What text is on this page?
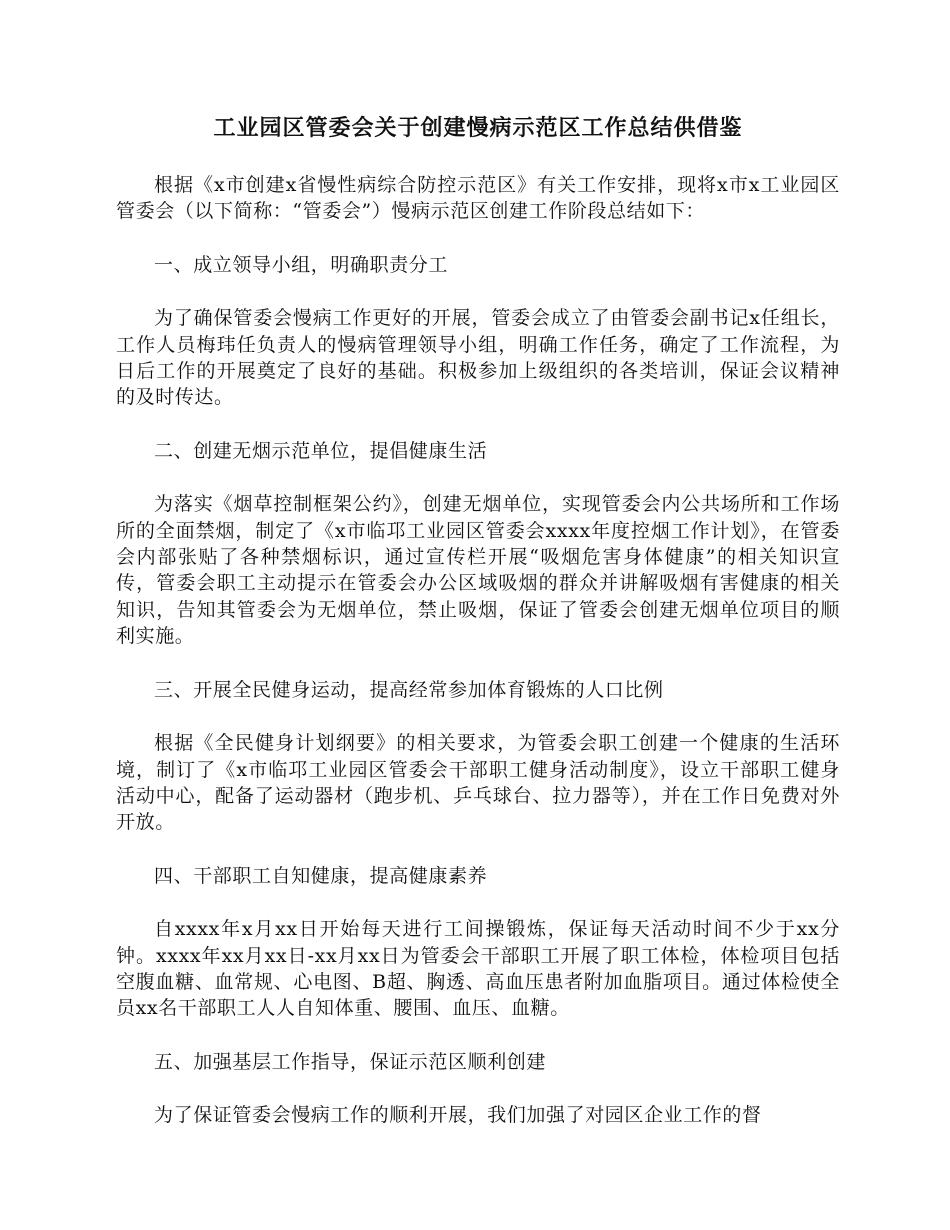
工业园区管委会关于创建慢病示范区工作总结供借鉴
根据《x市创建x省慢性病综合防控示范区》有关工作安排，现将x市x工业园区管委会（以下简称：“管委会”）慢病示范区创建工作阶段总结如下：
一、成立领导小组，明确职责分工
为了确保管委会慢病工作更好的开展，管委会成立了由管委会副书记x任组长，工作人员梅玮任负责人的慢病管理领导小组，明确工作任务，确定了工作流程，为日后工作的开展奠定了良好的基础。积极参加上级组织的各类培训，保证会议精神的及时传达。
二、创建无烟示范单位，提倡健康生活
为落实《烟草控制框架公约》，创建无烟单位，实现管委会内公共场所和工作场所的全面禁烟，制定了《x市临邛工业园区管委会xxxx年度控烟工作计划》，在管委会内部张贴了各种禁烟标识，通过宣传栏开展“吸烟危害身体健康”的相关知识宣传，管委会职工主动提示在管委会办公区域吸烟的群众并讲解吸烟有害健康的相关知识，告知其管委会为无烟单位，禁止吸烟，保证了管委会创建无烟单位项目的顺利实施。
三、开展全民健身运动，提高经常参加体育锻炼的人口比例
根据《全民健身计划纲要》的相关要求，为管委会职工创建一个健康的生活环境，制订了《x市临邛工业园区管委会干部职工健身活动制度》，设立干部职工健身活动中心，配备了运动器材（跑步机、乒乓球台、拉力器等），并在工作日免费对外开放。
四、干部职工自知健康，提高健康素养
自xxxx年x月xx日开始每天进行工间操锻炼，保证每天活动时间不少于xx分钟。xxxx年xx月xx日-xx月xx日为管委会干部职工开展了职工体检，体检项目包括空腹血糖、血常规、心电图、B超、胸透、高血压患者附加血脂项目。通过体检使全员xx名干部职工人人自知体重、腰围、血压、血糖。
五、加强基层工作指导，保证示范区顺利创建
为了保证管委会慢病工作的顺利开展，我们加强了对园区企业工作的督
